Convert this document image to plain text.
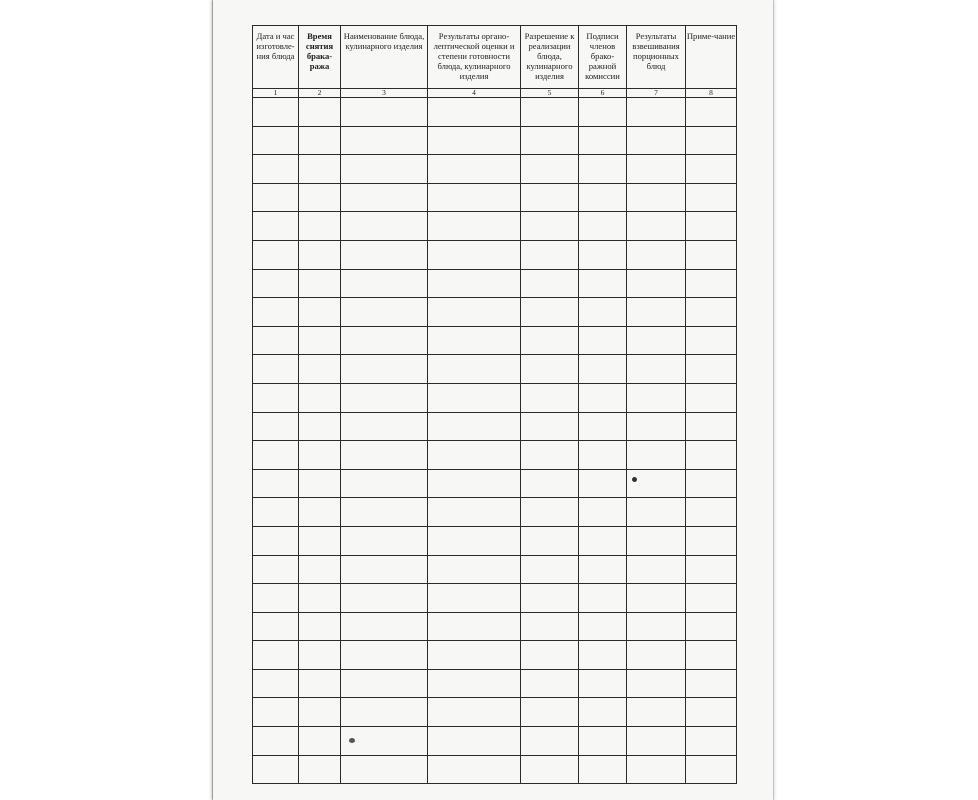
Дата и час изготовле-ния блюда	Время снятия брака-ража	Наименование блюда, кулинарного изделия	Результаты органо-лептической оценки и степени готовности блюда, кулинарного изделия	Разрешение к реализации блюда, кулинарного изделия	Подписи членов брако-ражной комиссии	Результаты взвешивания порционных блюд	Приме-чание
1	2	3	4	5	6	7	8
